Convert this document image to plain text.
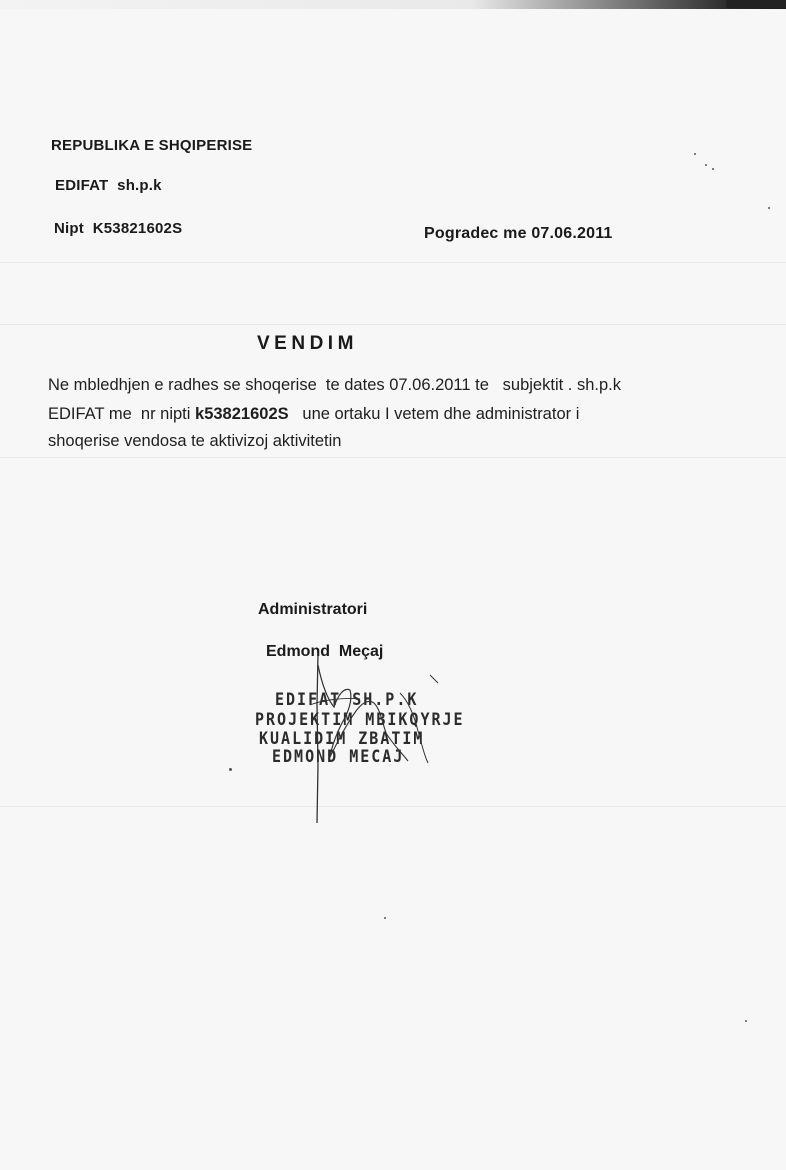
REPUBLIKA E SHQIPERISE
EDIFAT  sh.p.k
Nipt K53821602S	Pogradec me 07.06.2011
VENDIM
Ne mbledhjen e radhes se shoqerise  te dates 07.06.2011 te   subjektit . sh.p.k
EDIFAT me  nr nipti k53821602S   une ortaku I vetem dhe administrator i
shoqerise vendosa te aktivizoj aktivitetin
Administratori
Edmond  Meçaj
EDIFAT SH.P.K
PROJEKTIM MBIKQYRJE
KUALIDIM ZBATIM
EDMOND MECAJ
